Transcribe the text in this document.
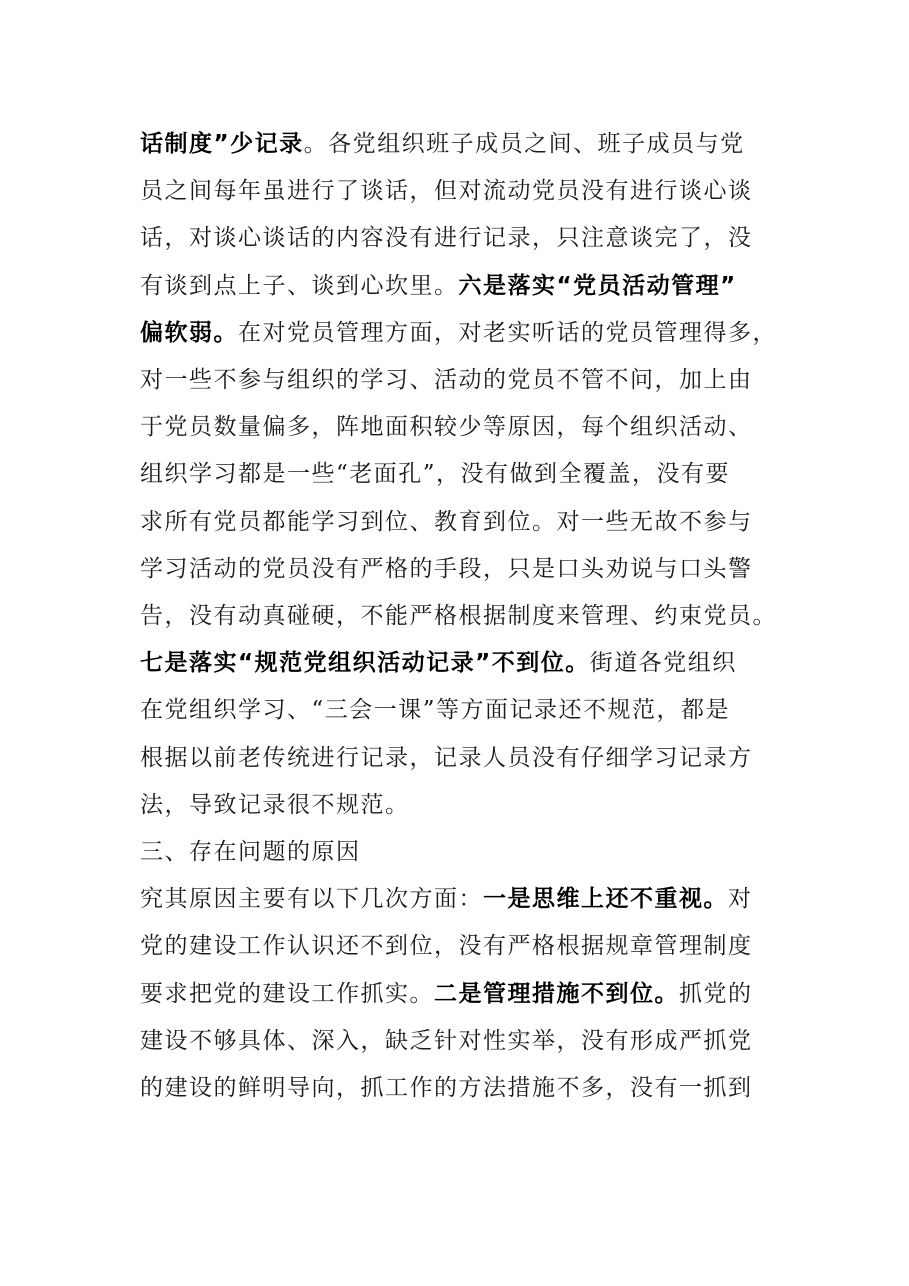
话制度”少记录。各党组织班子成员之间、班子成员与党
员之间每年虽进行了谈话，但对流动党员没有进行谈心谈
话，对谈心谈话的内容没有进行记录，只注意谈完了，没
有谈到点上子、谈到心坎里。六是落实“党员活动管理”
偏软弱。在对党员管理方面，对老实听话的党员管理得多，
对一些不参与组织的学习、活动的党员不管不问，加上由
于党员数量偏多，阵地面积较少等原因，每个组织活动、
组织学习都是一些“老面孔”，没有做到全覆盖，没有要
求所有党员都能学习到位、教育到位。对一些无故不参与
学习活动的党员没有严格的手段，只是口头劝说与口头警
告，没有动真碰硬，不能严格根据制度来管理、约束党员。
七是落实“规范党组织活动记录”不到位。街道各党组织
在党组织学习、“三会一课”等方面记录还不规范，都是
根据以前老传统进行记录，记录人员没有仔细学习记录方
法，导致记录很不规范。
三、存在问题的原因
究其原因主要有以下几次方面：一是思维上还不重视。对
党的建设工作认识还不到位，没有严格根据规章管理制度
要求把党的建设工作抓实。二是管理措施不到位。抓党的
建设不够具体、深入，缺乏针对性实举，没有形成严抓党
的建设的鲜明导向，抓工作的方法措施不多，没有一抓到
